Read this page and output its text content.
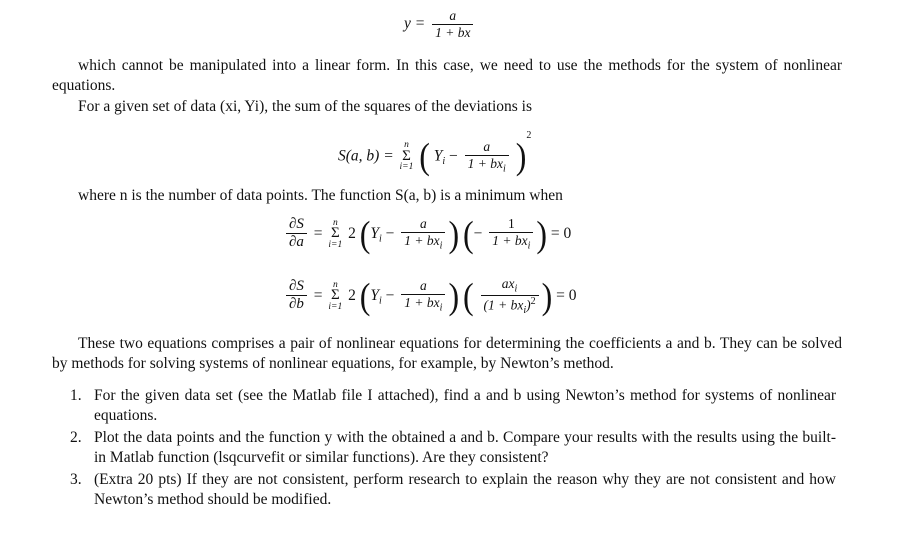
$y = \frac{a}{1 + bx}$
which cannot be manipulated into a linear form. In this case, we need to use the methods for the system of nonlinear equations.
For a given set of data (xi, Yi), the sum of the squares of the deviations is
S(a, b) =
n
Σ
i=1 ( $Y_i - \frac{a}{1 + bx_i} )^2$
where n is the number of data points. The function S(a, b) is a minimum when
$\frac{\partial S}{\partial a}$ =
n
Σ
i=1
2 ($Y_i - \frac{a}{1 + bx_i}$ ) (− $\frac{1}{1 + bx_i}$ ) = 0
$\frac{\partial S}{\partial b}$ =
n
Σ
i=1
2 ($Y_i - \frac{a}{1 + bx_i}$ ) ( $\frac{ax_i}{(1 + bx_i)^2}$ ) = 0
These two equations comprises a pair of nonlinear equations for determining the coefficients a and b. They can be solved by methods for solving systems of nonlinear equations, for example, by Newton’s method.
1. For the given data set (see the Matlab file I attached), find a and b using Newton’s method for systems of nonlinear equations.
2. Plot the data points and the function y with the obtained a and b. Compare your results with the results using the built-in Matlab function (lsqcurvefit or similar functions). Are they consistent?
3. (Extra 20 pts) If they are not consistent, perform research to explain the reason why they are not consistent and how Newton’s method should be modified.
